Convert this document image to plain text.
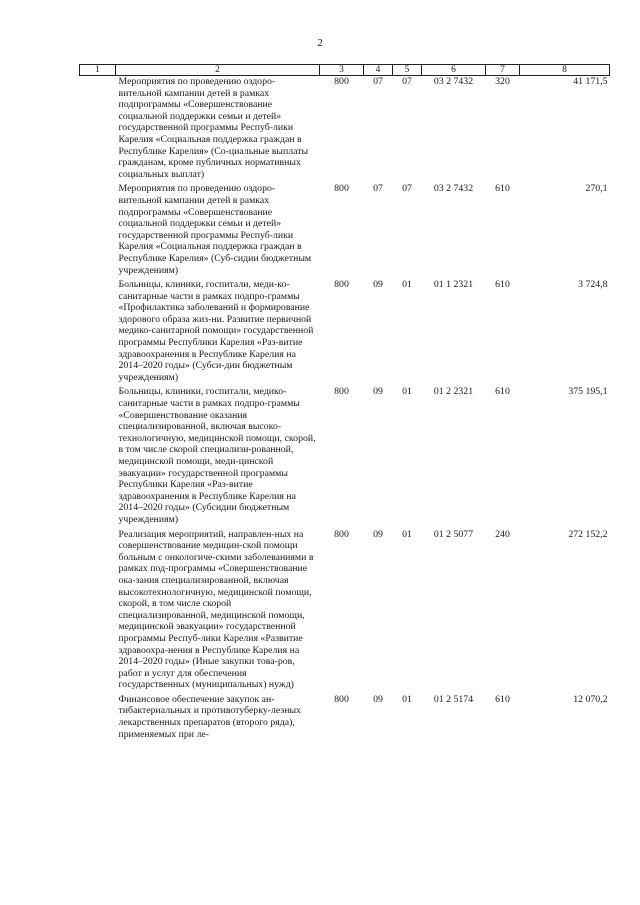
2
1	2	3	4	5	6	7	8
	Мероприятия по проведению оздоро-вительной кампании детей в рамках подпрограммы «Совершенствование социальной поддержки семьи и детей» государственной программы Респуб-лики Карелия «Социальная поддержка граждан в Республике Карелия» (Со-циальные выплаты гражданам, кроме публичных нормативных социальных выплат)	800	07	07	03 2 7432	320	41 171,5

	Мероприятия по проведению оздоро-вительной кампании детей в рамках подпрограммы «Совершенствование социальной поддержки семьи и детей» государственной программы Респуб-лики Карелия «Социальная поддержка граждан в Республике Карелия» (Суб-сидии бюджетным учреждениям)	800	07	07	03 2 7432	610	270,1

	Больницы, клиники, госпитали, меди-ко-санитарные части в рамках подпро-граммы «Профилактика заболеваний и формирование здорового образа жиз-ни. Развитие первичной медико-санитарной помощи» государственной программы Республики Карелия «Раз-витие здравоохранения в Республике Карелия на 2014–2020 годы» (Субси-дии бюджетным учреждениям)	800	09	01	01 1 2321	610	3 724,8

	Больницы, клиники, госпитали, медико-санитарные части в рамках подпро-граммы «Совершенствование оказания специализированной, включая высоко-технологичную, медицинской помощи, скорой, в том числе скорой специализи-рованной, медицинской помощи, меди-цинской эвакуации» государственной программы Республики Карелия «Раз-витие здравоохранения в Республике Карелия на 2014–2020 годы» (Субсидии бюджетным учреждениям)	800	09	01	01 2 2321	610	375 195,1

	Реализация мероприятий, направлен-ных на совершенствование медицин-ской помощи больным с онкологиче-скими заболеваниями в рамках под-программы «Совершенствование ока-зания специализированной, включая высокотехнологичную, медицинской помощи, скорой, в том числе скорой специализированной, медицинской помощи, медицинской эвакуации» государственной программы Респуб-лики Карелия «Развитие здравоохра-нения в Республике Карелия на 2014–2020 годы» (Иные закупки това-ров, работ и услуг для обеспечения государственных (муниципальных) нужд)	800	09	01	01 2 5077	240	272 152,2

	Финансовое обеспечение закупок ан-тибактериальных и противотуберку-лезных лекарственных препаратов (второго ряда), применяемых при ле-	800	09	01	01 2 5174	610	12 070,2
